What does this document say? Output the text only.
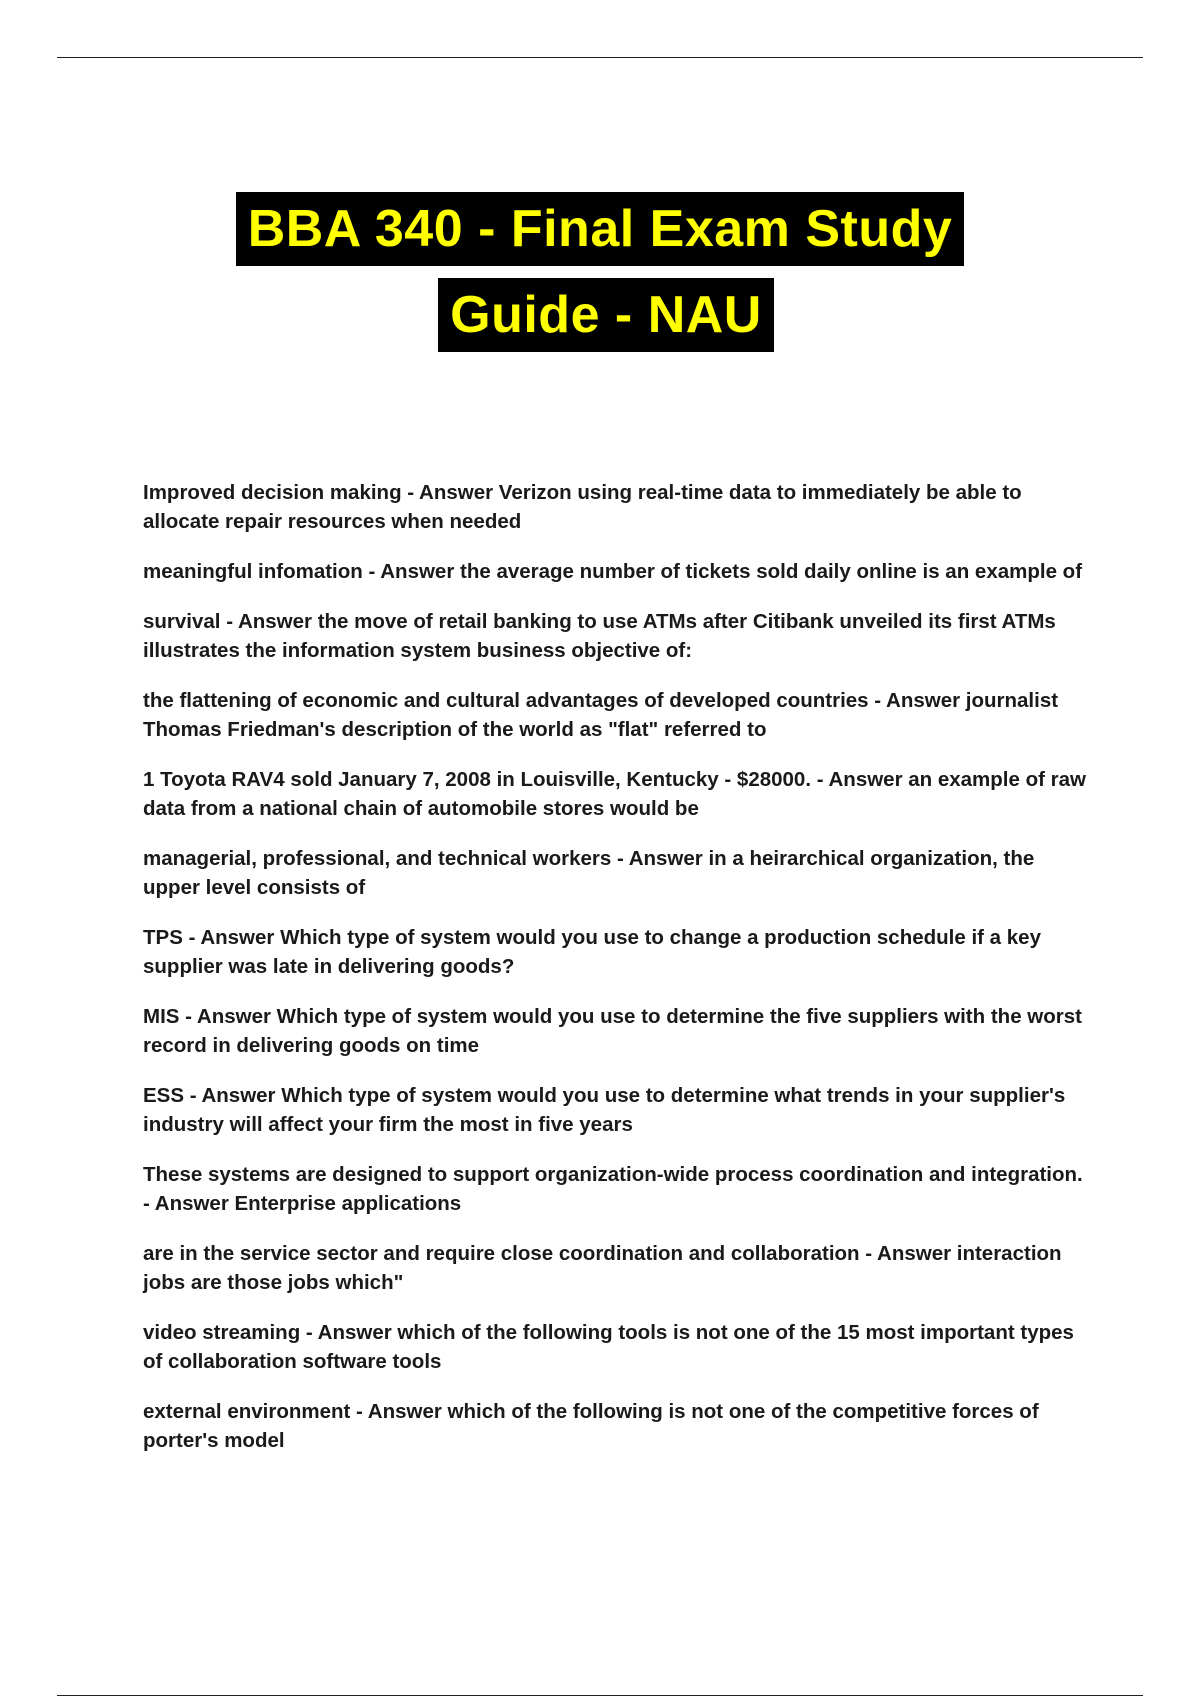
BBA 340 - Final Exam Study
Guide - NAU
Improved decision making - Answer Verizon using real-time data to immediately be able to allocate repair resources when needed
meaningful infomation - Answer the average number of tickets sold daily online is an example of
survival - Answer the move of retail banking to use ATMs after Citibank unveiled its first ATMs illustrates the information system business objective of:
the flattening of economic and cultural advantages of developed countries - Answer journalist Thomas Friedman's description of the world as "flat" referred to
1 Toyota RAV4 sold January 7, 2008 in Louisville, Kentucky - $28000. - Answer an example of raw data from a national chain of automobile stores would be
managerial, professional, and technical workers - Answer in a heirarchical organization, the upper level consists of
TPS - Answer Which type of system would you use to change a production schedule if a key supplier was late in delivering goods?
MIS - Answer Which type of system would you use to determine the five suppliers with the worst record in delivering goods on time
ESS - Answer Which type of system would you use to determine what trends in your supplier's industry will affect your firm the most in five years
These systems are designed to support organization-wide process coordination and integration. - Answer Enterprise applications
are in the service sector and require close coordination and collaboration - Answer interaction jobs are those jobs which"
video streaming - Answer which of the following tools is not one of the 15 most important types of collaboration software tools
external environment - Answer which of the following is not one of the competitive forces of porter's model
